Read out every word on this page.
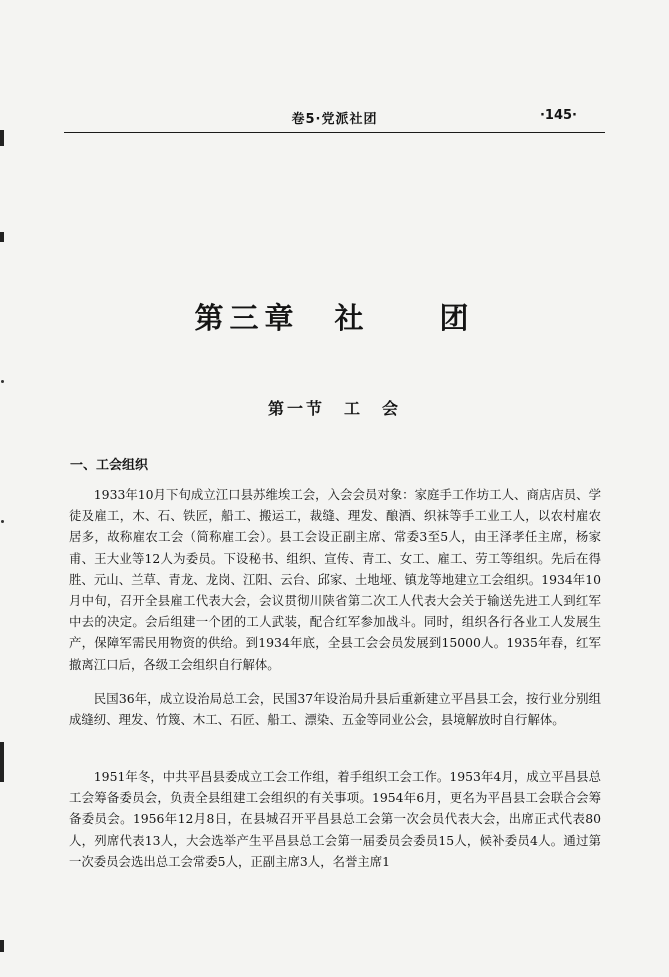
卷5·党派社团	·145·
第三章　社　　团
第一节　工　会
一、工会组织

1933年10月下旬成立江口县苏维埃工会，入会会员对象：家庭手工作坊工人、商店店员、学徒及雇工，木、石、铁匠，船工、搬运工，裁缝、理发、酿酒、织袜等手工业工人，以农村雇农居多，故称雇农工会（简称雇工会）。县工会设正副主席、常委3至5人，由王泽孝任主席，杨家甫、王大业等12人为委员。下设秘书、组织、宣传、青工、女工、雇工、劳工等组织。先后在得胜、元山、兰草、青龙、龙岗、江阳、云台、邱家、土地垭、镇龙等地建立工会组织。1934年10月中旬，召开全县雇工代表大会，会议贯彻川陕省第二次工人代表大会关于输送先进工人到红军中去的决定。会后组建一个团的工人武装，配合红军参加战斗。同时，组织各行各业工人发展生产，保障军需民用物资的供给。到1934年底，全县工会会员发展到15000人。1935年春，红军撤离江口后，各级工会组织自行解体。

民国36年，成立设治局总工会，民国37年设治局升县后重新建立平昌县工会，按行业分别组成缝纫、理发、竹篾、木工、石匠、船工、漂染、五金等同业公会，县境解放时自行解体。

1951年冬，中共平昌县委成立工会工作组，着手组织工会工作。1953年4月，成立平昌县总工会筹备委员会，负责全县组建工会组织的有关事项。1954年6月，更名为平昌县工会联合会筹备委员会。1956年12月8日，在县城召开平昌县总工会第一次会员代表大会，出席正式代表80人，列席代表13人，大会选举产生平昌县总工会第一届委员会委员15人，候补委员4人。通过第一次委员会选出总工会常委5人，正副主席3人，名誉主席1
